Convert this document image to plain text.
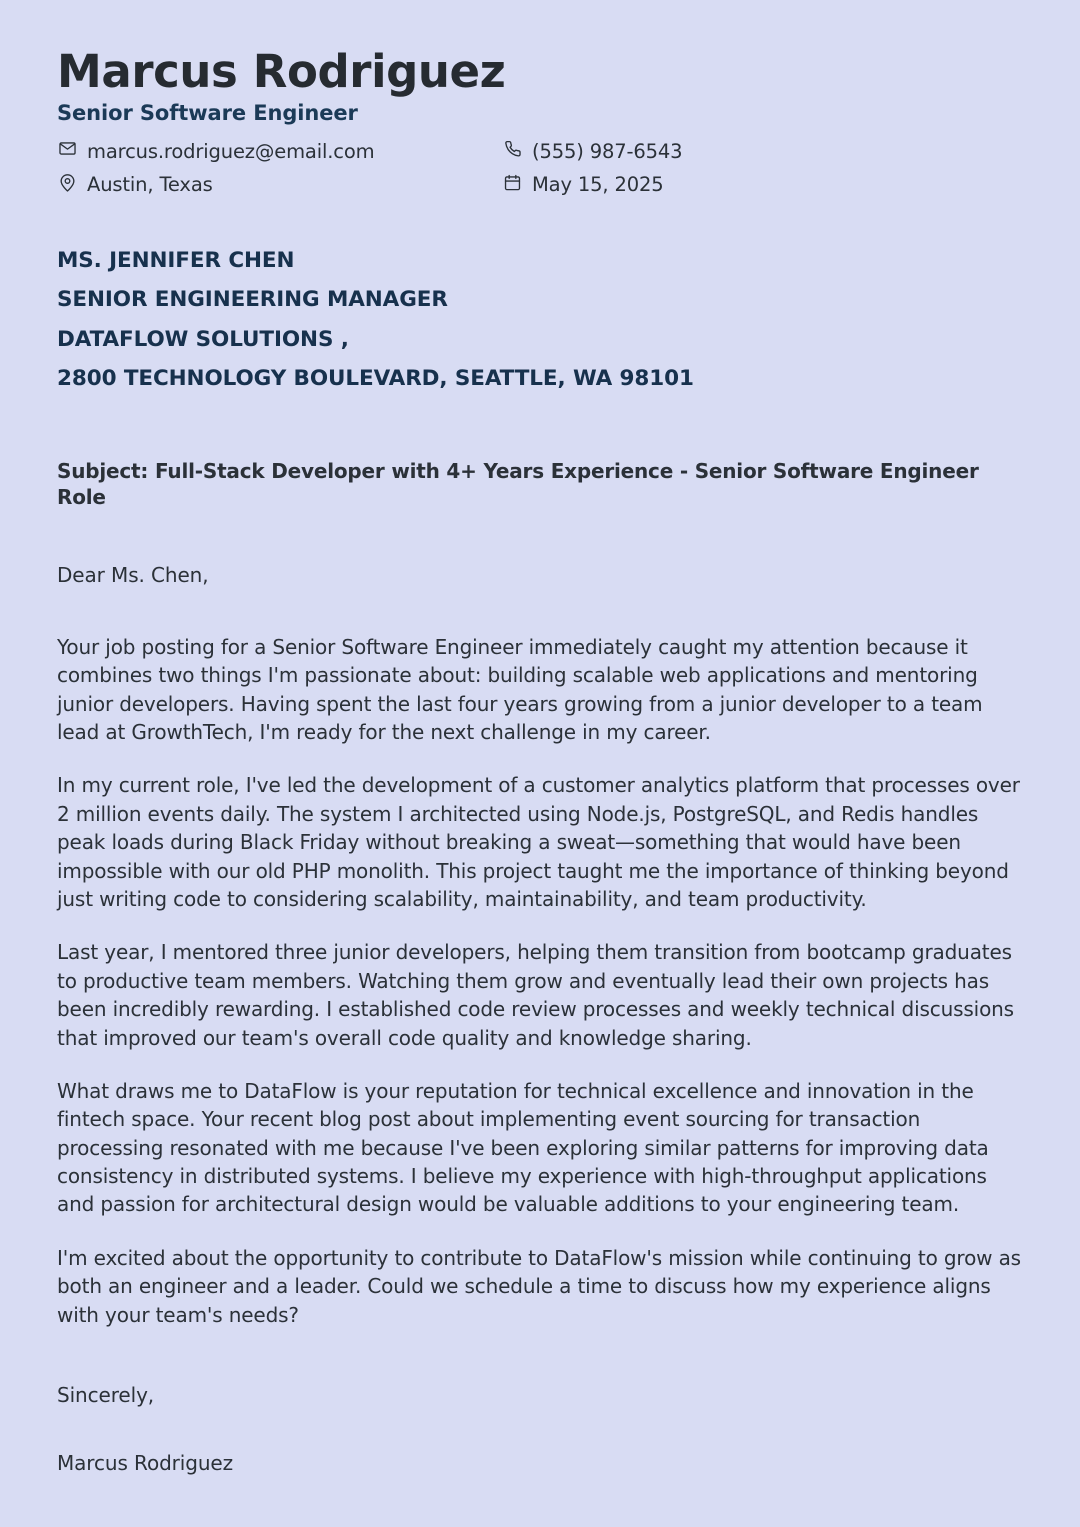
Marcus Rodriguez
Senior Software Engineer
marcus.rodriguez@email.com	(555) 987-6543
Austin, Texas	May 15, 2025
MS. JENNIFER CHEN
SENIOR ENGINEERING MANAGER
DATAFLOW SOLUTIONS ,
2800 TECHNOLOGY BOULEVARD, SEATTLE, WA 98101
Subject: Full-Stack Developer with 4+ Years Experience - Senior Software Engineer Role
Dear Ms. Chen,

Your job posting for a Senior Software Engineer immediately caught my attention because it combines two things I'm passionate about: building scalable web applications and mentoring junior developers. Having spent the last four years growing from a junior developer to a team lead at GrowthTech, I'm ready for the next challenge in my career.

In my current role, I've led the development of a customer analytics platform that processes over 2 million events daily. The system I architected using Node.js, PostgreSQL, and Redis handles peak loads during Black Friday without breaking a sweat—something that would have been impossible with our old PHP monolith. This project taught me the importance of thinking beyond just writing code to considering scalability, maintainability, and team productivity.

Last year, I mentored three junior developers, helping them transition from bootcamp graduates to productive team members. Watching them grow and eventually lead their own projects has been incredibly rewarding. I established code review processes and weekly technical discussions that improved our team's overall code quality and knowledge sharing.

What draws me to DataFlow is your reputation for technical excellence and innovation in the fintech space. Your recent blog post about implementing event sourcing for transaction processing resonated with me because I've been exploring similar patterns for improving data consistency in distributed systems. I believe my experience with high-throughput applications and passion for architectural design would be valuable additions to your engineering team.

I'm excited about the opportunity to contribute to DataFlow's mission while continuing to grow as both an engineer and a leader. Could we schedule a time to discuss how my experience aligns with your team's needs?

Sincerely,
Marcus Rodriguez
